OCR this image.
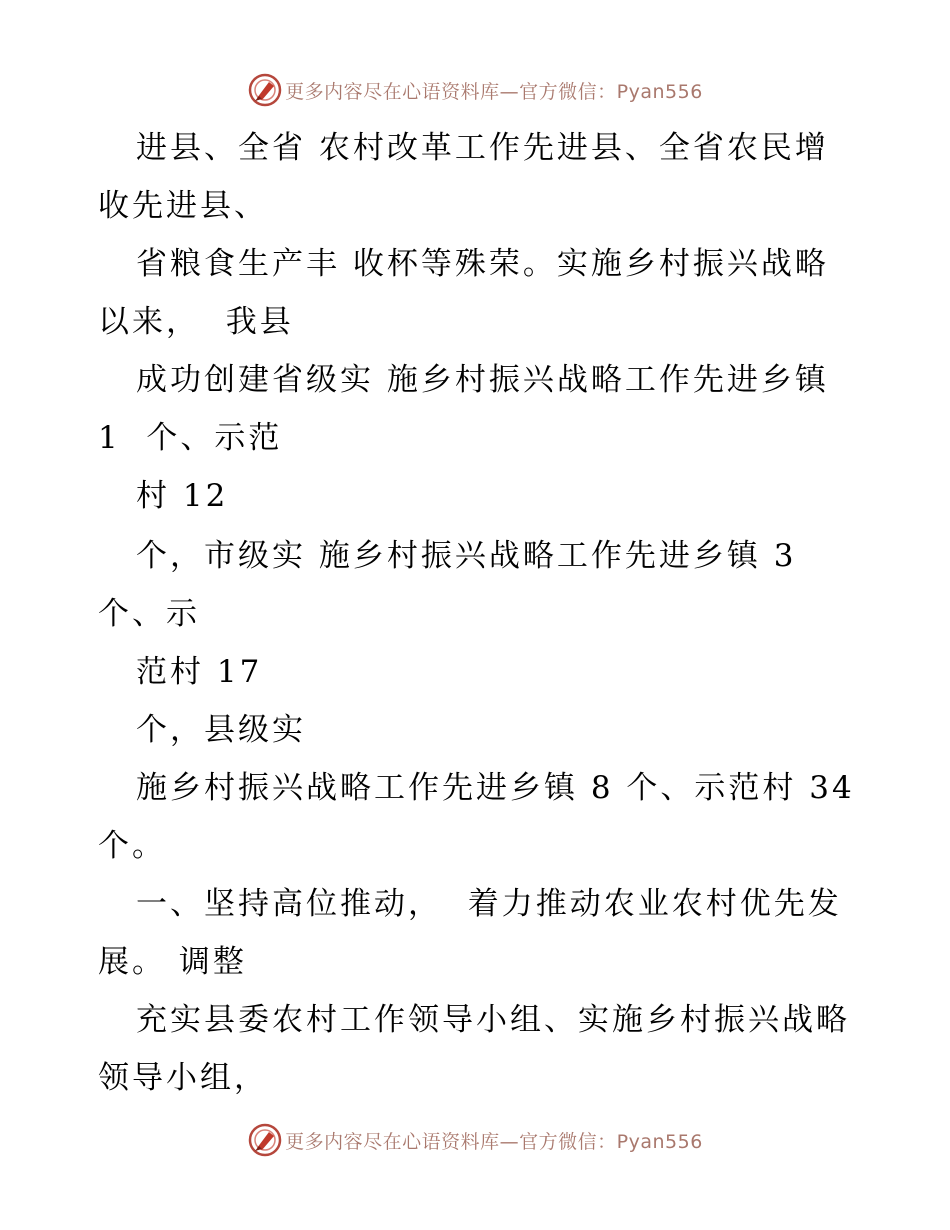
更多内容尽在心语资料库—官方微信：Pyan556
进县、全省 农村改革工作先进县、全省农民增
收先进县、
省粮食生产丰 收杯等殊荣。实施乡村振兴战略
以来，  我县
成功创建省级实 施乡村振兴战略工作先进乡镇
1  个、示范
村 12
个，市级实 施乡村振兴战略工作先进乡镇 3
个、示
范村 17
个，县级实
施乡村振兴战略工作先进乡镇 8 个、示范村 34
个。
一、坚持高位推动，  着力推动农业农村优先发
展。 调整
充实县委农村工作领导小组、实施乡村振兴战略
领导小组，
更多内容尽在心语资料库—官方微信：Pyan556
